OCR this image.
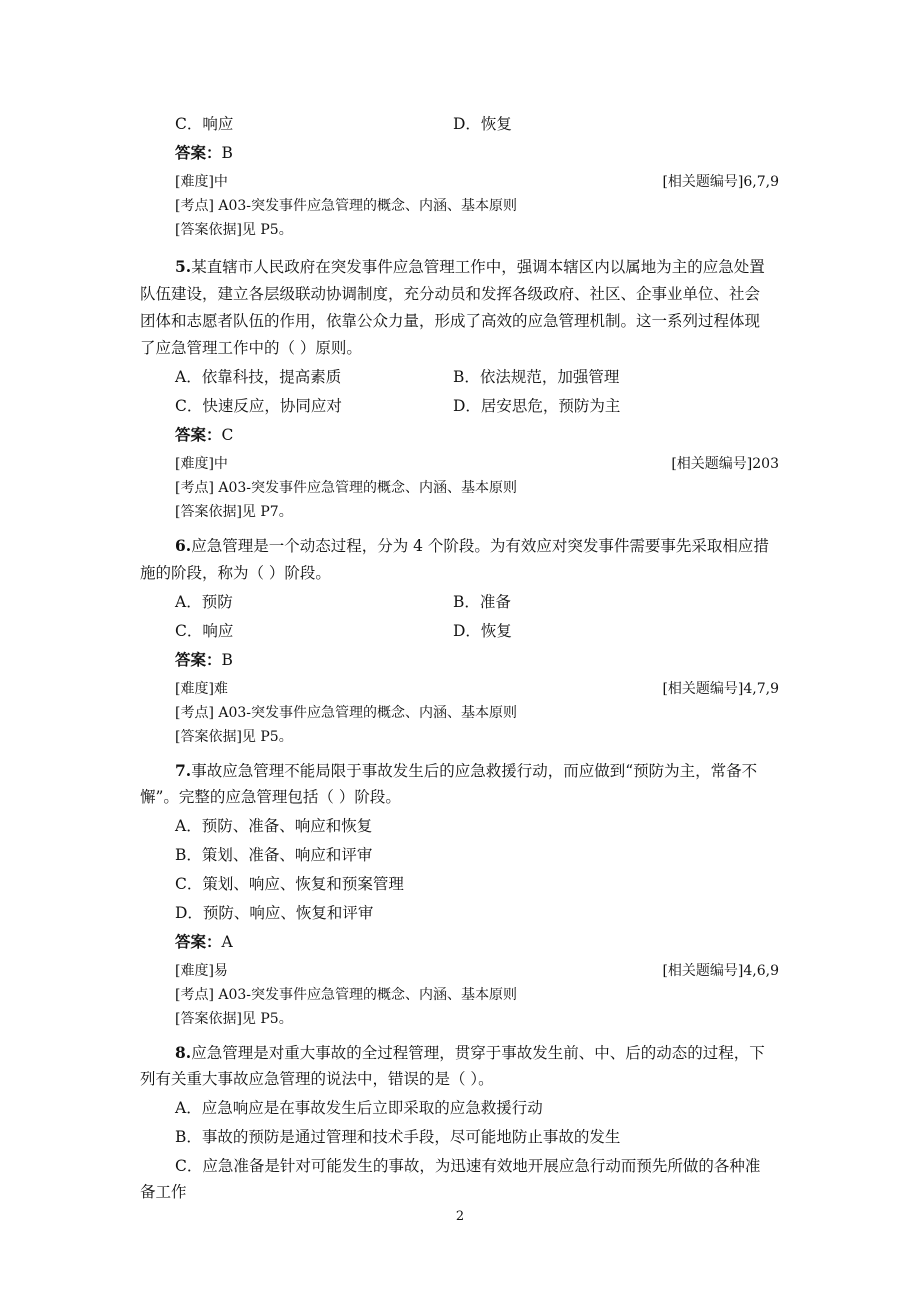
C．响应	D．恢复
答案：B
[难度]中	[相关题编号]6,7,9
[考点] A03-突发事件应急管理的概念、内涵、基本原则
[答案依据]见 P5。
5.某直辖市人民政府在突发事件应急管理工作中，强调本辖区内以属地为主的应急处置
队伍建设，建立各层级联动协调制度，充分动员和发挥各级政府、社区、企事业单位、社会
团体和志愿者队伍的作用，依靠公众力量，形成了高效的应急管理机制。这一系列过程体现
了应急管理工作中的（ ）原则。
A．依靠科技，提高素质	B．依法规范，加强管理
C．快速反应，协同应对	D．居安思危，预防为主
答案：C
[难度]中	[相关题编号]203
[考点] A03-突发事件应急管理的概念、内涵、基本原则
[答案依据]见 P7。
6.应急管理是一个动态过程，分为 4 个阶段。为有效应对突发事件需要事先采取相应措
施的阶段，称为（ ）阶段。
A．预防	B．准备
C．响应	D．恢复
答案：B
[难度]难	[相关题编号]4,7,9
[考点] A03-突发事件应急管理的概念、内涵、基本原则
[答案依据]见 P5。
7.事故应急管理不能局限于事故发生后的应急救援行动，而应做到“预防为主，常备不
懈”。完整的应急管理包括（ ）阶段。
A．预防、准备、响应和恢复
B．策划、准备、响应和评审
C．策划、响应、恢复和预案管理
D．预防、响应、恢复和评审
答案：A
[难度]易	[相关题编号]4,6,9
[考点] A03-突发事件应急管理的概念、内涵、基本原则
[答案依据]见 P5。
8.应急管理是对重大事故的全过程管理，贯穿于事故发生前、中、后的动态的过程，下
列有关重大事故应急管理的说法中，错误的是（ ）。
A．应急响应是在事故发生后立即采取的应急救援行动
B．事故的预防是通过管理和技术手段，尽可能地防止事故的发生
C．应急准备是针对可能发生的事故，为迅速有效地开展应急行动而预先所做的各种准
备工作
2
